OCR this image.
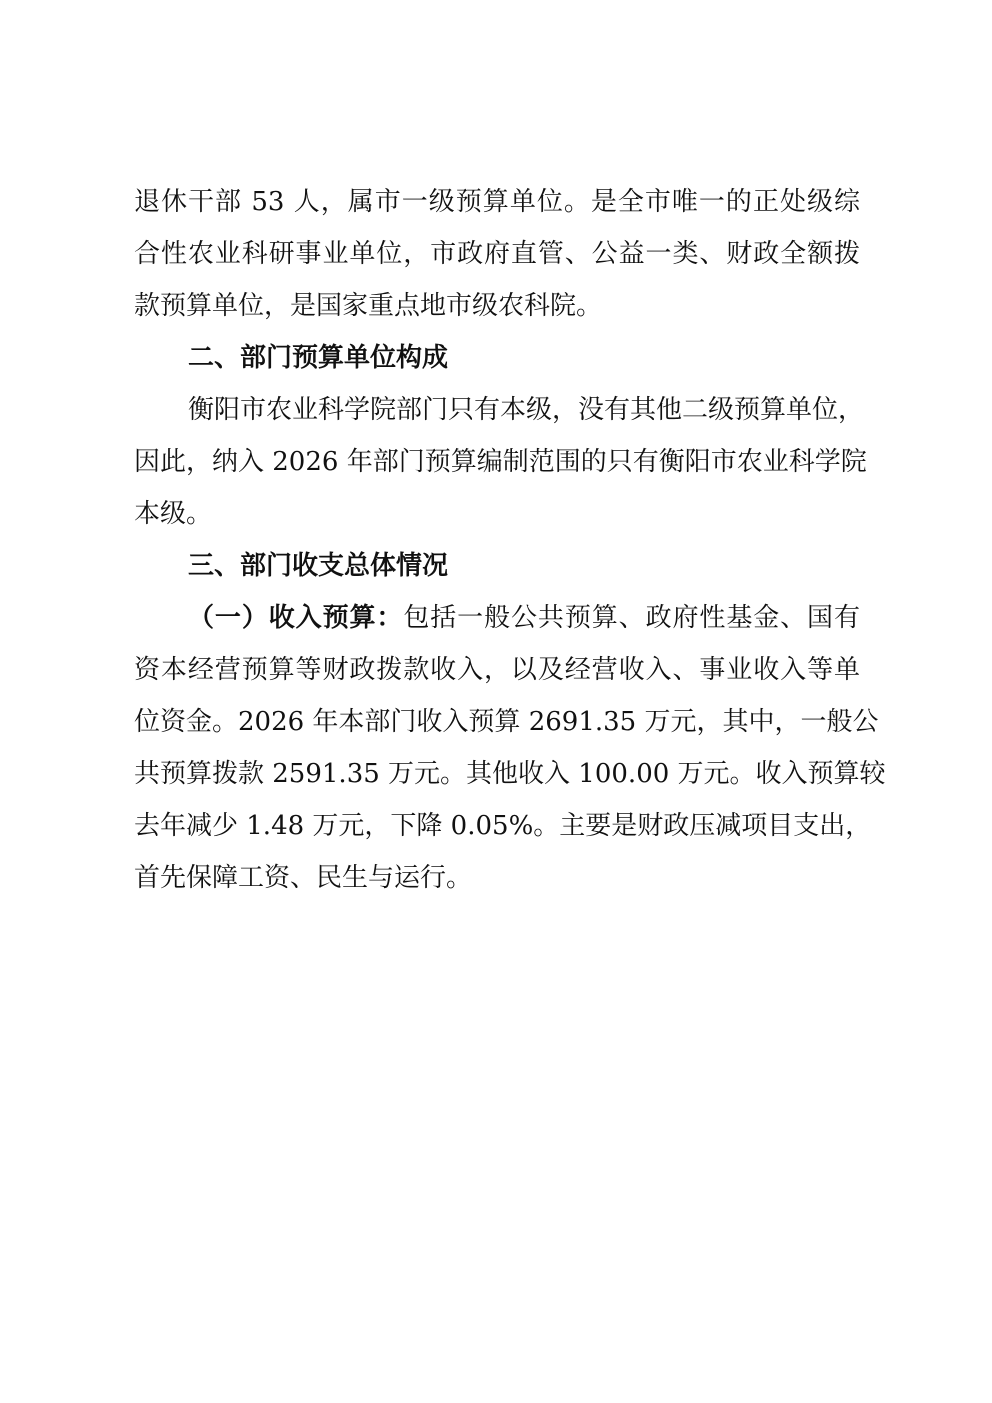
退休干部 53 人，属市一级预算单位。是全市唯一的正处级综
合性农业科研事业单位，市政府直管、公益一类、财政全额拨
款预算单位，是国家重点地市级农科院。
二、部门预算单位构成
衡阳市农业科学院部门只有本级，没有其他二级预算单位，
因此，纳入 2026 年部门预算编制范围的只有衡阳市农业科学院
本级。
三、部门收支总体情况
（一）收入预算：包括一般公共预算、政府性基金、国有
资本经营预算等财政拨款收入，以及经营收入、事业收入等单
位资金。2026 年本部门收入预算 2691.35 万元，其中，一般公
共预算拨款 2591.35 万元。其他收入 100.00 万元。收入预算较
去年减少 1.48 万元，下降 0.05%。主要是财政压减项目支出，
首先保障工资、民生与运行。
